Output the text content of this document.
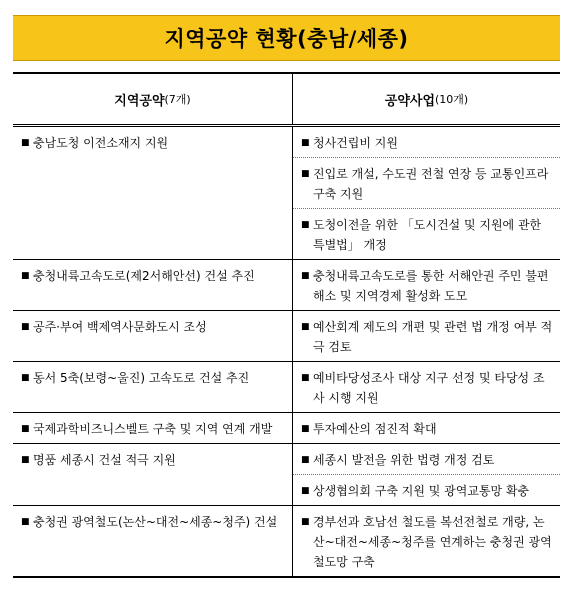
지역공약 현황(충남/세종)
지역공약 (7개)	공약사업 (10개)
■ 충남도청 이전소재지 지원	■ 청사건립비 지원
■ 진입로 개설, 수도권 전철 연장 등 교통인프라 구축 지원
■ 도청이전을 위한 「도시건설 및 지원에 관한 특별법」 개정
■ 충청내륙고속도로(제2서해안선) 건설 추진	■ 충청내륙고속도로를 통한 서해안권 주민 불편 해소 및 지역경제 활성화 도모
■ 공주·부여 백제역사문화도시 조성	■ 예산회계 제도의 개편 및 관련 법 개정 여부 적극 검토
■ 동서 5축(보령~울진) 고속도로 건설 추진	■ 예비타당성조사 대상 지구 선정 및 타당성 조사 시행 지원
■ 국제과학비즈니스벨트 구축 및 지역 연계 개발	■ 투자예산의 점진적 확대
■ 명품 세종시 건설 적극 지원	■ 세종시 발전을 위한 법령 개정 검토
■ 상생협의회 구축 지원 및 광역교통망 확충
■ 충청권 광역철도(논산~대전~세종~청주) 건설	■ 경부선과 호남선 철도를 복선전철로 개량, 논산~대전~세종~청주를 연계하는 충청권 광역철도망 구축
